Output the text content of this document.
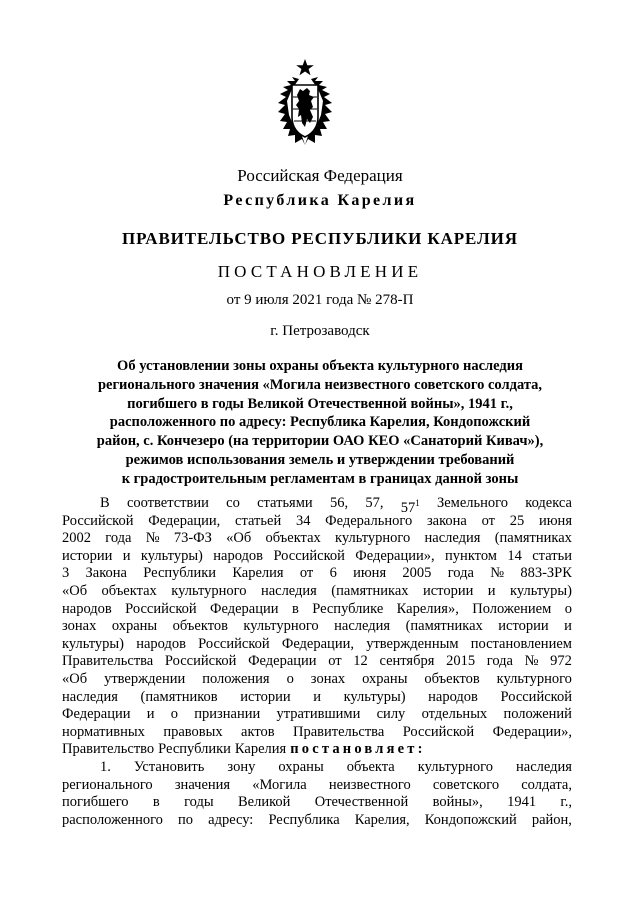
Российская Федерация
Республика Карелия
ПРАВИТЕЛЬСТВО РЕСПУБЛИКИ КАРЕЛИЯ
ПОСТАНОВЛЕНИЕ
от 9 июля 2021 года № 278-П
г. Петрозаводск
Об установлении зоны охраны объекта культурного наследия
регионального значения «Могила неизвестного советского солдата,
погибшего в годы Великой Отечественной войны», 1941 г.,
расположенного по адресу: Республика Карелия, Кондопожский
район, с. Кончезеро (на территории ОАО КЕО «Санаторий Кивач»),
режимов использования земель и утверждении требований
к градостроительным регламентам в границах данной зоны
В соответствии со статьями 56, 57, $57^1$ Земельного кодекса
Российской Федерации, статьей 34 Федерального закона от 25 июня
2002 года № 73-ФЗ «Об объектах культурного наследия (памятниках
истории и культуры) народов Российской Федерации», пунктом 14 статьи
3 Закона Республики Карелия от 6 июня 2005 года № 883-ЗРК
«Об объектах культурного наследия (памятниках истории и культуры)
народов Российской Федерации в Республике Карелия», Положением о
зонах охраны объектов культурного наследия (памятниках истории и
культуры) народов Российской Федерации, утвержденным постановлением
Правительства Российской Федерации от 12 сентября 2015 года № 972
«Об утверждении положения о зонах охраны объектов культурного
наследия (памятников истории и культуры) народов Российской
Федерации и о признании утратившими силу отдельных положений
нормативных правовых актов Правительства Российской Федерации»,
Правительство Республики Карелия постановляет:
1. Установить зону охраны объекта культурного наследия
регионального значения «Могила неизвестного советского солдата,
погибшего в годы Великой Отечественной войны», 1941 г.,
расположенного по адресу: Республика Карелия, Кондопожский район,
